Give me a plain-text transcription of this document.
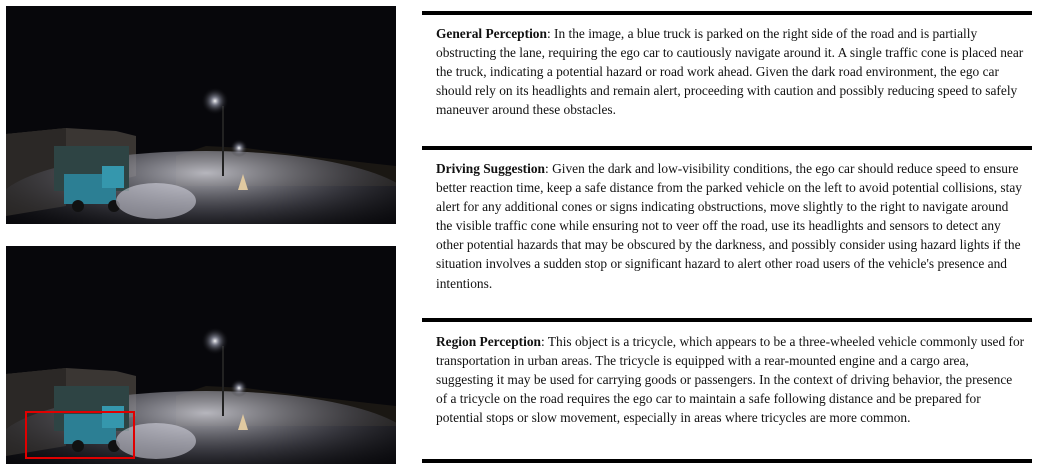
General Perception: In the image, a blue truck is parked on the right side of the road and is partially obstructing the lane, requiring the ego car to cautiously navigate around it. A single traffic cone is placed near the truck, indicating a potential hazard or road work ahead. Given the dark road environment, the ego car should rely on its headlights and remain alert, proceeding with caution and possibly reducing speed to safely maneuver around these obstacles.
Driving Suggestion: Given the dark and low-visibility conditions, the ego car should reduce speed to ensure better reaction time, keep a safe distance from the parked vehicle on the left to avoid potential collisions, stay alert for any additional cones or signs indicating obstructions, move slightly to the right to navigate around the visible traffic cone while ensuring not to veer off the road, use its headlights and sensors to detect any other potential hazards that may be obscured by the darkness, and possibly consider using hazard lights if the situation involves a sudden stop or significant hazard to alert other road users of the vehicle's presence and intentions.
Region Perception: This object is a tricycle, which appears to be a three-wheeled vehicle commonly used for transportation in urban areas. The tricycle is equipped with a rear-mounted engine and a cargo area, suggesting it may be used for carrying goods or passengers. In the context of driving behavior, the presence of a tricycle on the road requires the ego car to maintain a safe following distance and be prepared for potential stops or slow movement, especially in areas where tricycles are more common.
